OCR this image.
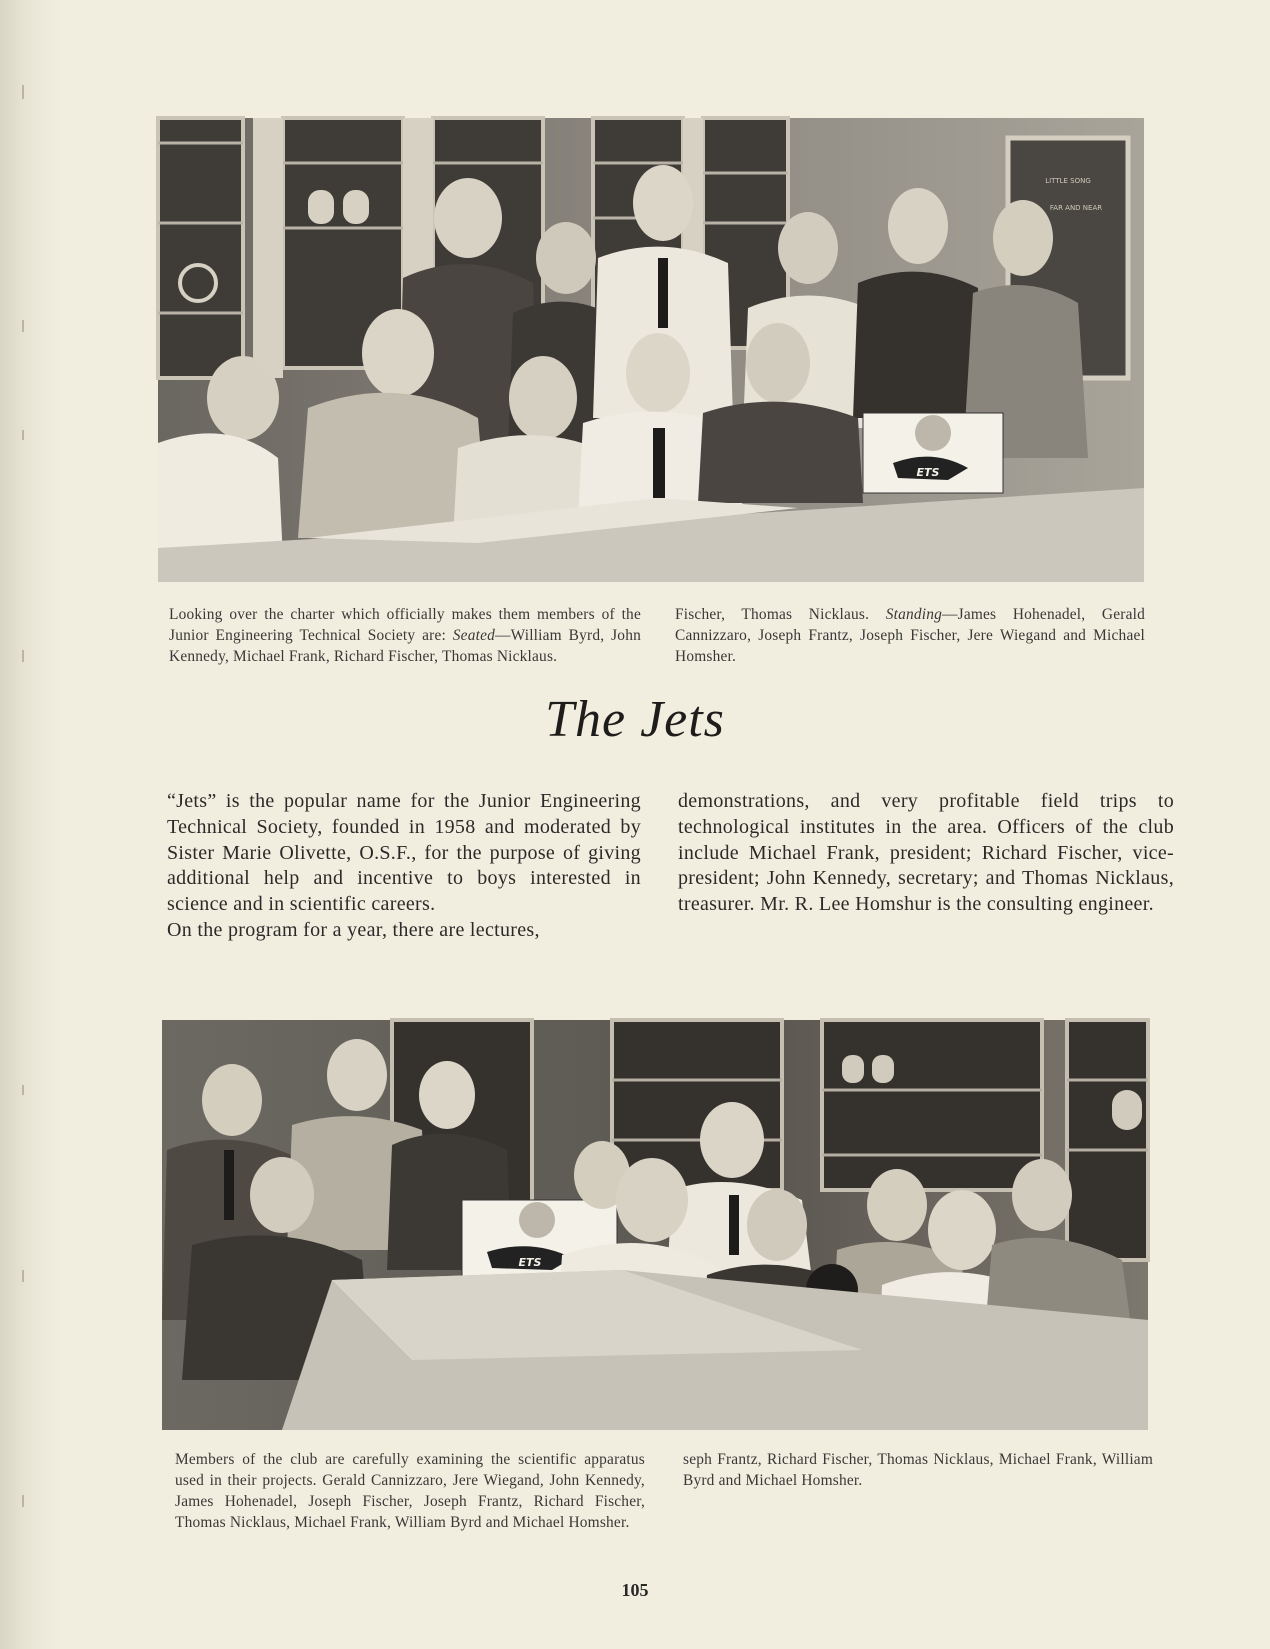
LITTLE SONG
FAR AND NEAR
ETS
Looking over the charter which officially makes them members of the Junior Engineering Technical Society are: Seated—William Byrd, John Kennedy, Michael Frank, Richard Fischer, Thomas Nicklaus.
Fischer, Thomas Nicklaus. Standing—James Hohenadel, Gerald Cannizzaro, Joseph Frantz, Joseph Fischer, Jere Wiegand and Michael Homsher.
The Jets

“Jets” is the popular name for the Junior Engineering Technical Society, founded in 1958 and moderated by Sister Marie Olivette, O.S.F., for the purpose of giving additional help and incentive to boys interested in science and in scientific careers.

On the program for a year, there are lectures,

demonstrations, and very profitable field trips to technological institutes in the area. Officers of the club include Michael Frank, president; Richard Fischer, vice-president; John Kennedy, secretary; and Thomas Nicklaus, treasurer. Mr. R. Lee Homshur is the consulting engineer.

ETS
Members of the club are carefully examining the scientific apparatus used in their projects. Gerald Cannizzaro, Jere Wiegand, John Kennedy, James Hohenadel, Joseph Fischer, Joseph Frantz, Richard Fischer, Thomas Nicklaus, Michael Frank, William Byrd and Michael Homsher.
seph Frantz, Richard Fischer, Thomas Nicklaus, Michael Frank, William Byrd and Michael Homsher.
105
